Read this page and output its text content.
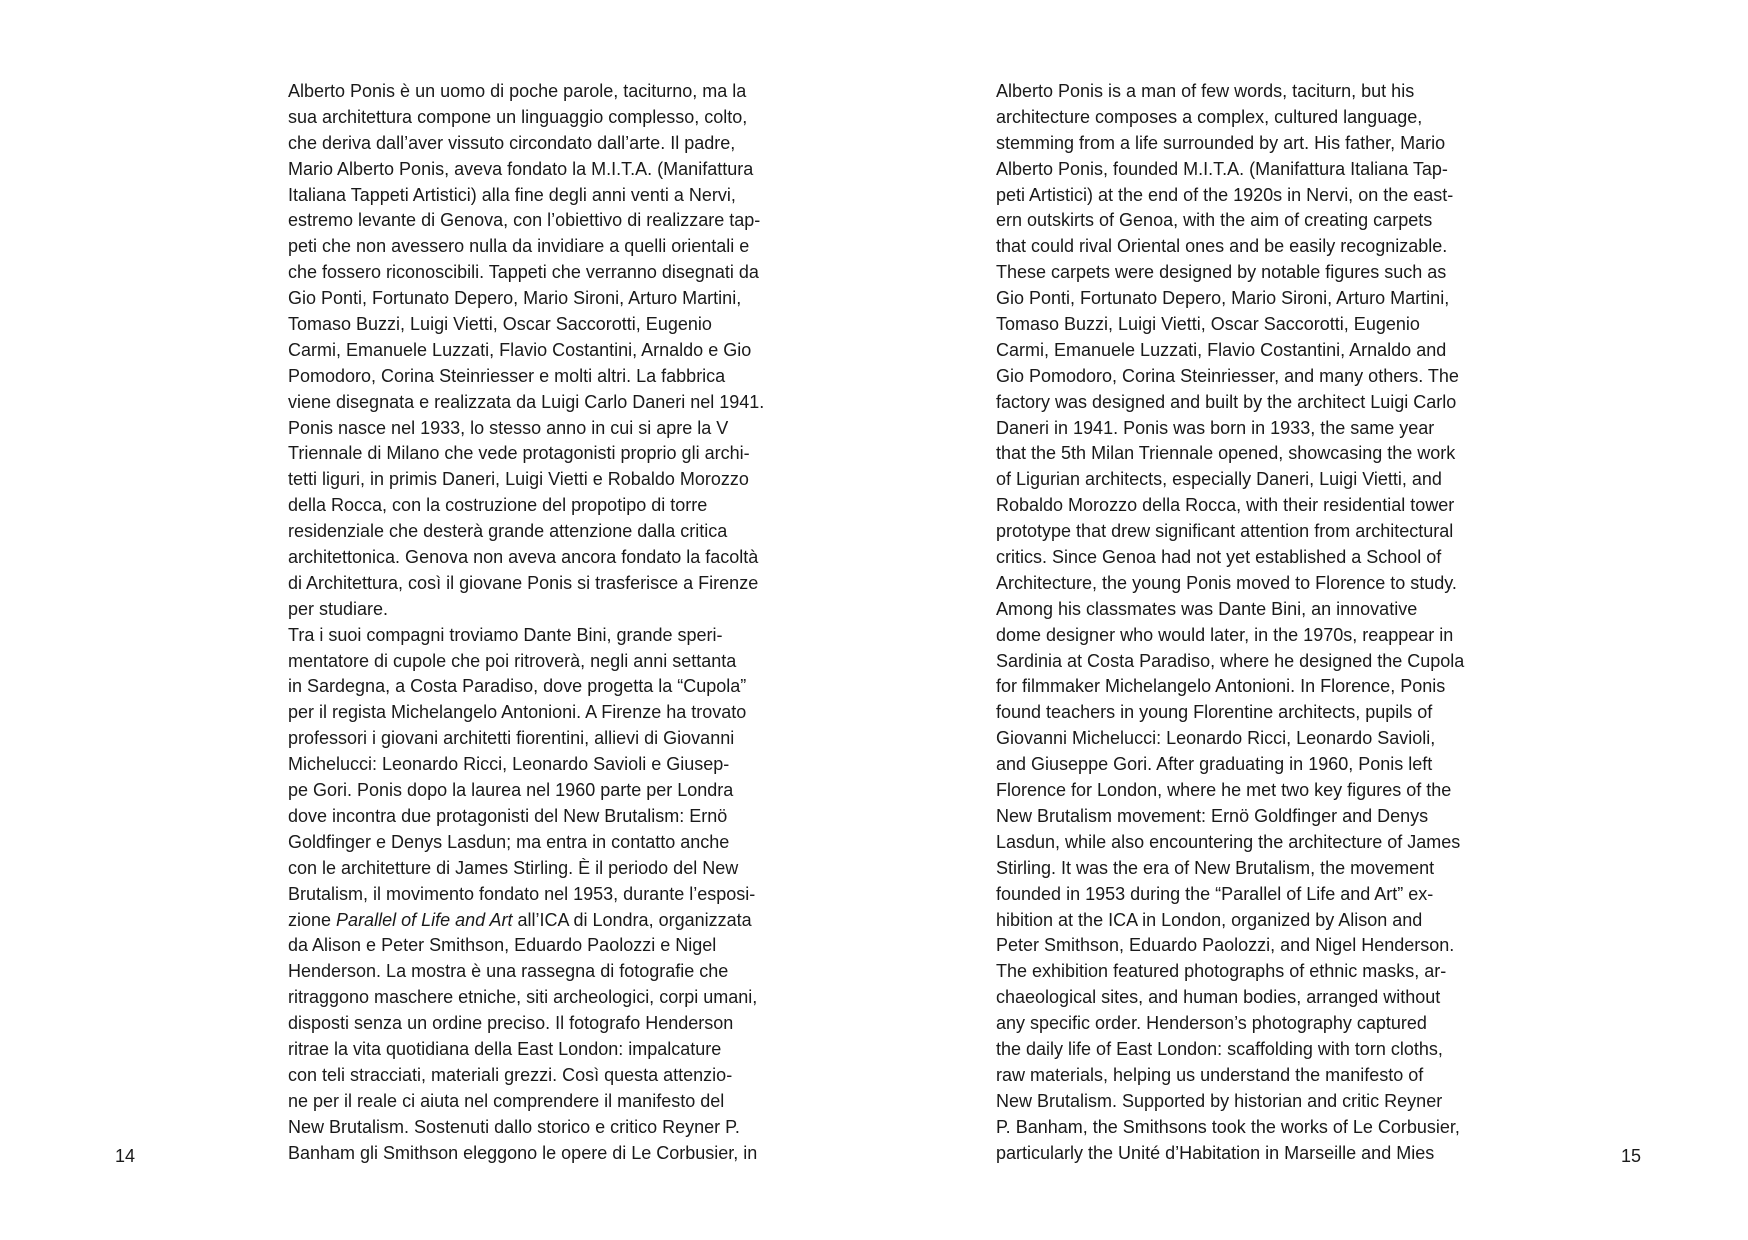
Alberto Ponis è un uomo di poche parole, taciturno, ma la
sua architettura compone un linguaggio complesso, colto,
che deriva dall’aver vissuto circondato dall’arte. Il padre,
Mario Alberto Ponis, aveva fondato la M.I.T.A. (Manifattura
Italiana Tappeti Artistici) alla fine degli anni venti a Nervi,
estremo levante di Genova, con l’obiettivo di realizzare tap-
peti che non avessero nulla da invidiare a quelli orientali e
che fossero riconoscibili. Tappeti che verranno disegnati da
Gio Ponti, Fortunato Depero, Mario Sironi, Arturo Martini,
Tomaso Buzzi, Luigi Vietti, Oscar Saccorotti, Eugenio
Carmi, Emanuele Luzzati, Flavio Costantini, Arnaldo e Gio
Pomodoro, Corina Steinriesser e molti altri. La fabbrica
viene disegnata e realizzata da Luigi Carlo Daneri nel 1941.
Ponis nasce nel 1933, lo stesso anno in cui si apre la V
Triennale di Milano che vede protagonisti proprio gli archi-
tetti liguri, in primis Daneri, Luigi Vietti e Robaldo Morozzo
della Rocca, con la costruzione del propotipo di torre
residenziale che desterà grande attenzione dalla critica
architettonica. Genova non aveva ancora fondato la facoltà
di Architettura, così il giovane Ponis si trasferisce a Firenze
per studiare.
Tra i suoi compagni troviamo Dante Bini, grande speri-
mentatore di cupole che poi ritroverà, negli anni settanta
in Sardegna, a Costa Paradiso, dove progetta la “Cupola”
per il regista Michelangelo Antonioni. A Firenze ha trovato
professori i giovani architetti fiorentini, allievi di Giovanni
Michelucci: Leonardo Ricci, Leonardo Savioli e Giusep-
pe Gori. Ponis dopo la laurea nel 1960 parte per Londra
dove incontra due protagonisti del New Brutalism: Ernö
Goldfinger e Denys Lasdun; ma entra in contatto anche
con le architetture di James Stirling. È il periodo del New
Brutalism, il movimento fondato nel 1953, durante l’esposi-
zione Parallel of Life and Art all’ICA di Londra, organizzata
da Alison e Peter Smithson, Eduardo Paolozzi e Nigel
Henderson. La mostra è una rassegna di fotografie che
ritraggono maschere etniche, siti archeologici, corpi umani,
disposti senza un ordine preciso. Il fotografo Henderson
ritrae la vita quotidiana della East London: impalcature
con teli stracciati, materiali grezzi. Così questa attenzio-
ne per il reale ci aiuta nel comprendere il manifesto del
New Brutalism. Sostenuti dallo storico e critico Reyner P.
Banham gli Smithson eleggono le opere di Le Corbusier, in
Alberto Ponis is a man of few words, taciturn, but his
architecture composes a complex, cultured language,
stemming from a life surrounded by art. His father, Mario
Alberto Ponis, founded M.I.T.A. (Manifattura Italiana Tap-
peti Artistici) at the end of the 1920s in Nervi, on the east-
ern outskirts of Genoa, with the aim of creating carpets
that could rival Oriental ones and be easily recognizable.
These carpets were designed by notable figures such as
Gio Ponti, Fortunato Depero, Mario Sironi, Arturo Martini,
Tomaso Buzzi, Luigi Vietti, Oscar Saccorotti, Eugenio
Carmi, Emanuele Luzzati, Flavio Costantini, Arnaldo and
Gio Pomodoro, Corina Steinriesser, and many others. The
factory was designed and built by the architect Luigi Carlo
Daneri in 1941. Ponis was born in 1933, the same year
that the 5th Milan Triennale opened, showcasing the work
of Ligurian architects, especially Daneri, Luigi Vietti, and
Robaldo Morozzo della Rocca, with their residential tower
prototype that drew significant attention from architectural
critics. Since Genoa had not yet established a School of
Architecture, the young Ponis moved to Florence to study.
Among his classmates was Dante Bini, an innovative
dome designer who would later, in the 1970s, reappear in
Sardinia at Costa Paradiso, where he designed the Cupola
for filmmaker Michelangelo Antonioni. In Florence, Ponis
found teachers in young Florentine architects, pupils of
Giovanni Michelucci: Leonardo Ricci, Leonardo Savioli,
and Giuseppe Gori. After graduating in 1960, Ponis left
Florence for London, where he met two key figures of the
New Brutalism movement: Ernö Goldfinger and Denys
Lasdun, while also encountering the architecture of James
Stirling. It was the era of New Brutalism, the movement
founded in 1953 during the “Parallel of Life and Art” ex-
hibition at the ICA in London, organized by Alison and
Peter Smithson, Eduardo Paolozzi, and Nigel Henderson.
The exhibition featured photographs of ethnic masks, ar-
chaeological sites, and human bodies, arranged without
any specific order. Henderson’s photography captured
the daily life of East London: scaffolding with torn cloths,
raw materials, helping us understand the manifesto of
New Brutalism. Supported by historian and critic Reyner
P. Banham, the Smithsons took the works of Le Corbusier,
particularly the Unité d’Habitation in Marseille and Mies
14	15
